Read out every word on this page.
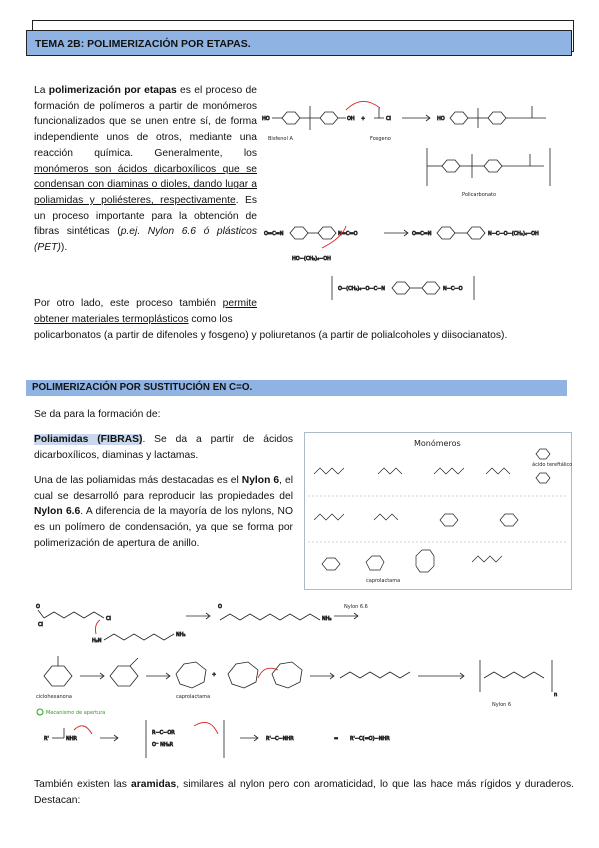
TEMA 2B: POLIMERIZACIÓN POR ETAPAS.
La polimerización por etapas es el proceso de formación de polímeros a partir de monómeros funcionalizados que se unen entre sí, de forma independiente unos de otros, mediante una reacción química. Generalmente, los monómeros son ácidos dicarboxílicos que se condensan con diaminas o dioles, dando lugar a poliamidas y poliésteres, respectivamente. Es un proceso importante para la obtención de fibras sintéticas (p.ej. Nylon 6.6 ó plásticos (PET)).
Por otro lado, este proceso también permite obtener materiales termoplásticos como los
policarbonatos (a partir de difenoles y fosgeno) y poliuretanos (a partir de polialcoholes y diisocianatos).
HO	OH +	Cl	HO
O=C=N	N=C=O
HO−(CH₂)₄−OH
O=C=N	N−C−O−(CH₂)₄−OH
O−(CH₂)₄−O−C−N	N−C−O
Bisfenol A	Fosgeno
Policarbonato
POLIMERIZACIÓN POR SUSTITUCIÓN EN C=O.
Se da para la formación de:
Poliamidas (FIBRAS). Se da a partir de ácidos dicarboxílicos, diaminas y lactamas.
Una de las poliamidas más destacadas es el Nylon 6, el cual se desarrolló para reproducir las propiedades del Nylon 6.6. A diferencia de la mayoría de los nylons, NO es un polímero de condensación, ya que se forma por polimerización de apertura de anillo.
Monómeros
ácido tereftálico
caprolactama
O
Cl
Cl
H₂N
NH₂
O
NH₂
+
n
R'	NHR
R−C−OR
O⁻ NH₂R
R'−C−NHR	= R'−C(=O)−NHR
Nylon 6.6
Nylon 6
ciclohexanona	caprolactama
Mecanismo de apertura
También existen las aramidas, similares al nylon pero con aromaticidad, lo que las hace más rígidos y duraderos. Destacan:
